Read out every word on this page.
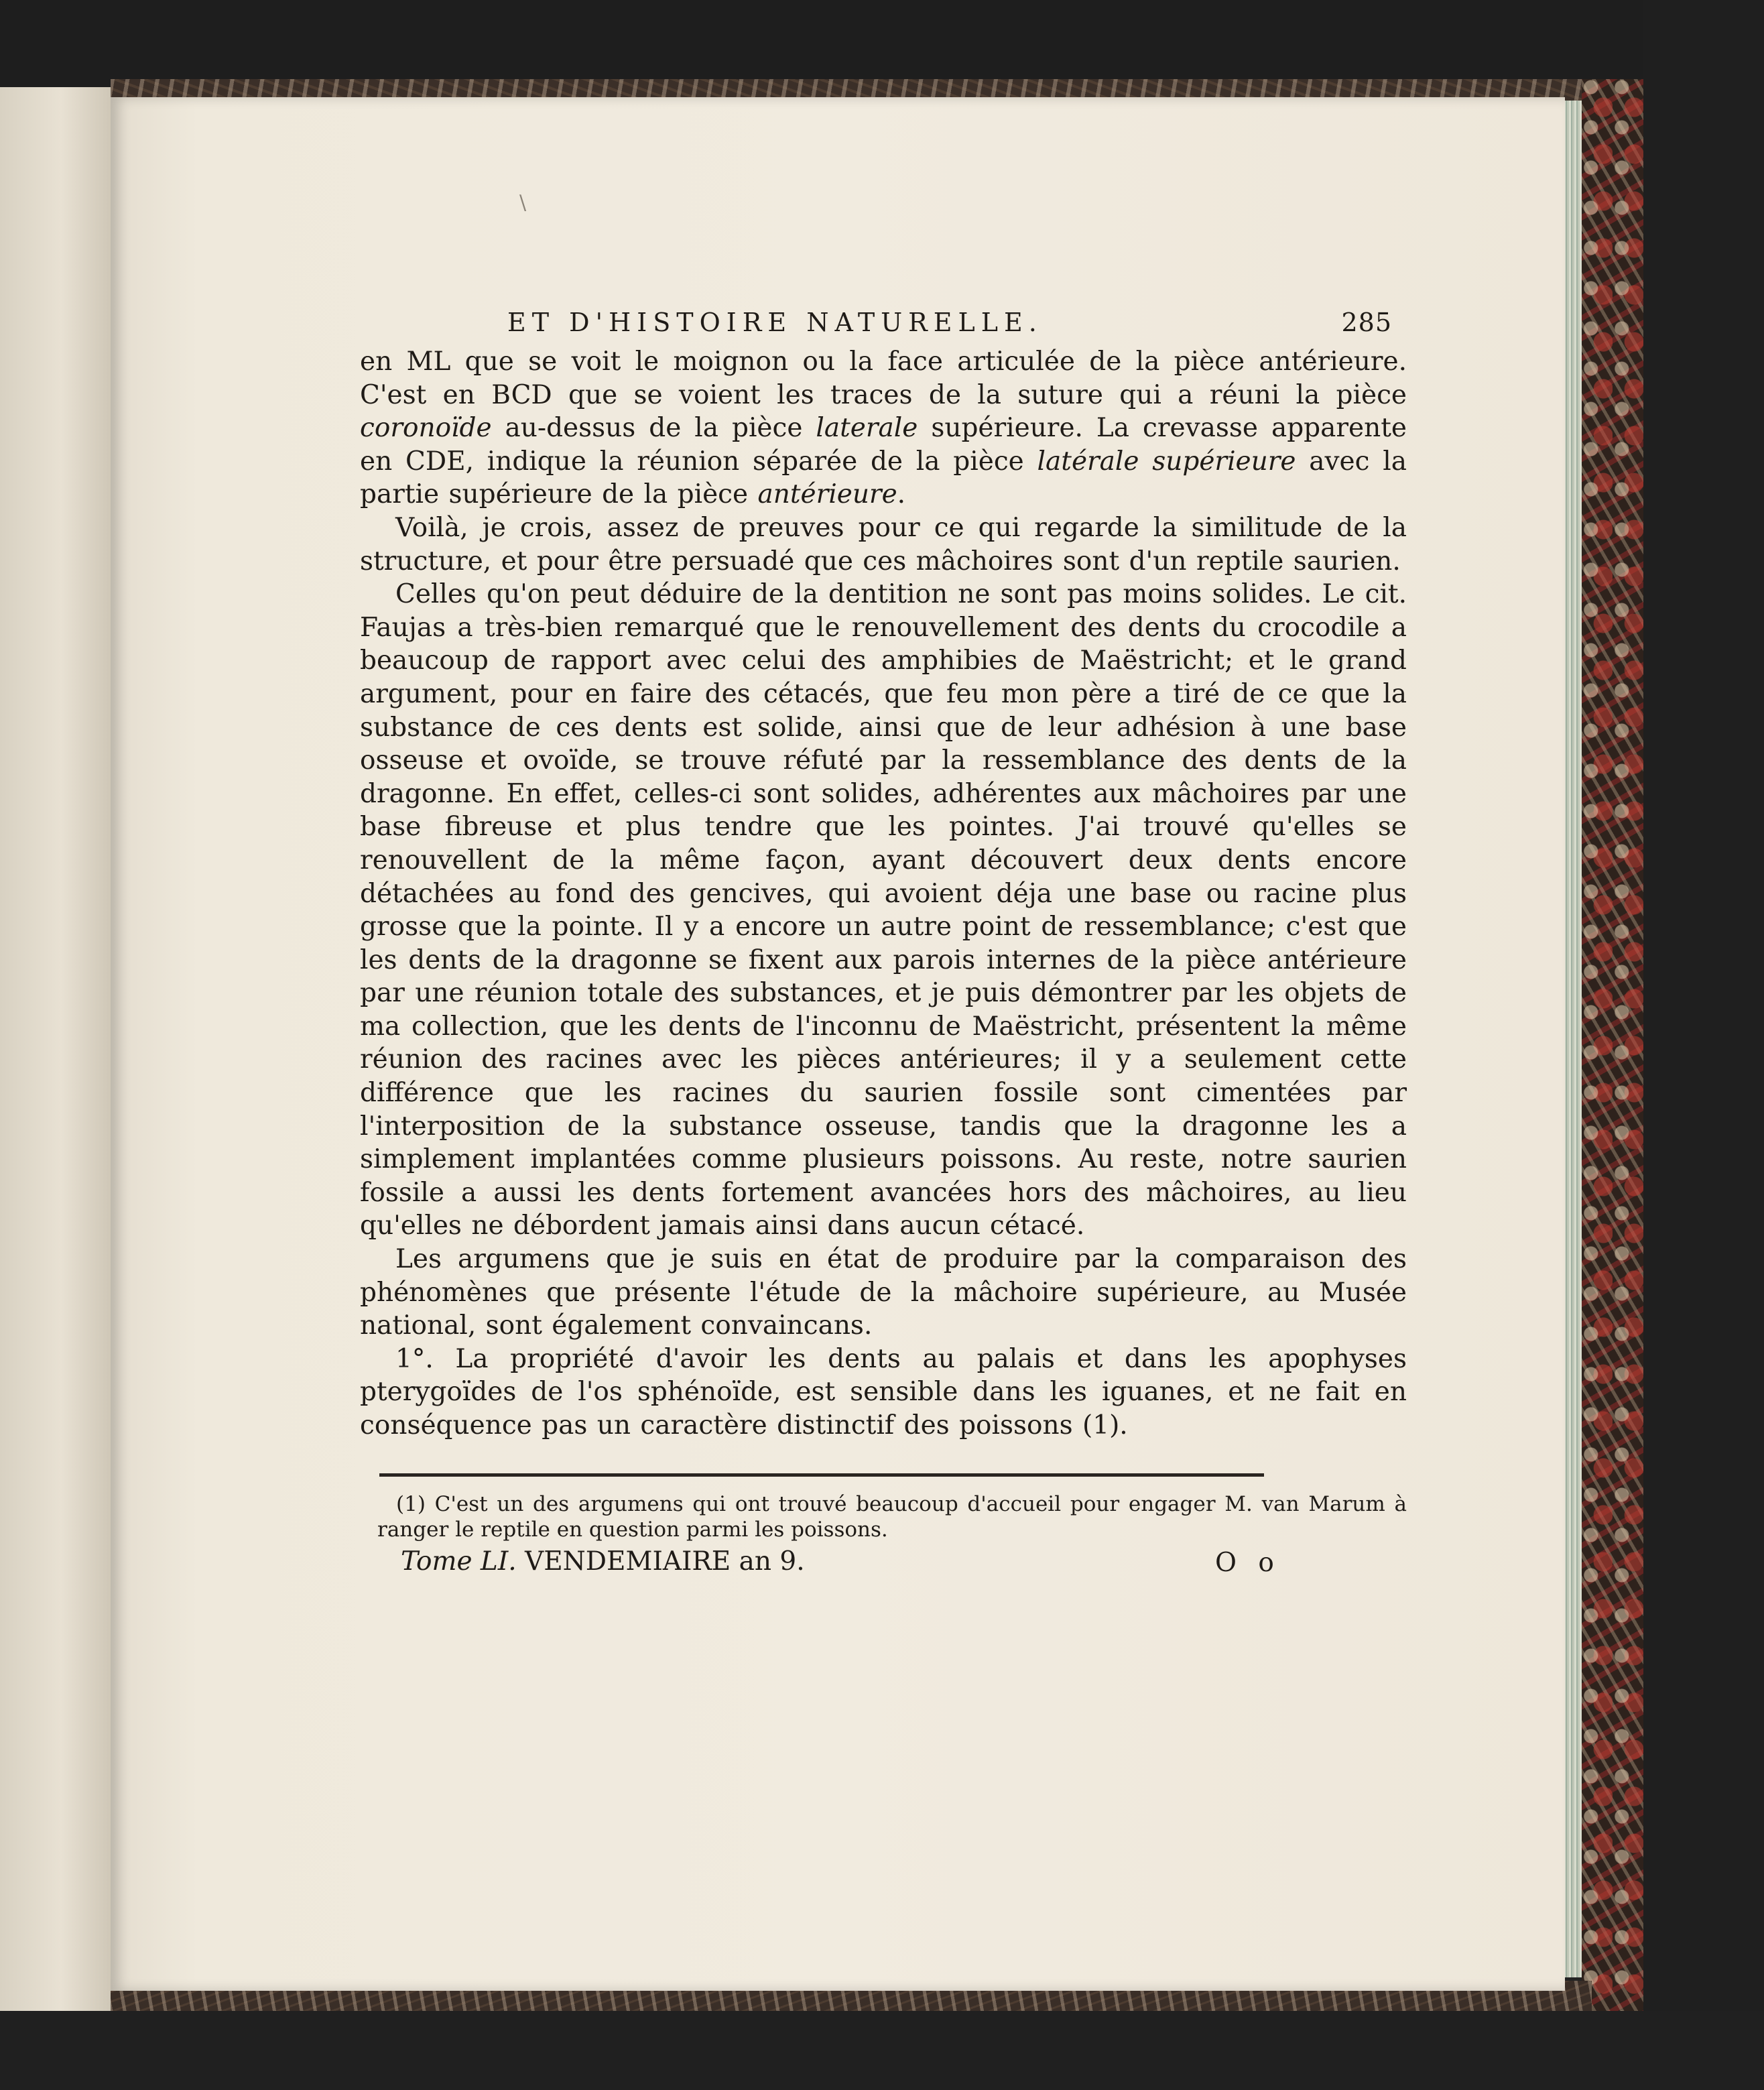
\
ET D'HISTOIRE NATURELLE.	285

en ML que se voit le moignon ou la face articulée de la pièce antérieure. C'est en BCD que se voient les traces de la suture qui a réuni la pièce coronoïde au-dessus de la pièce laterale supérieure. La crevasse apparente en CDE, indique la réunion séparée de la pièce latérale supérieure avec la partie supérieure de la pièce antérieure.

Voilà, je crois, assez de preuves pour ce qui regarde la similitude de la structure, et pour être persuadé que ces mâchoires sont d'un reptile saurien.

Celles qu'on peut déduire de la dentition ne sont pas moins solides. Le cit. Faujas a très-bien remarqué que le renouvellement des dents du crocodile a beaucoup de rapport avec celui des amphibies de Maëstricht; et le grand argument, pour en faire des cétacés, que feu mon père a tiré de ce que la substance de ces dents est solide, ainsi que de leur adhésion à une base osseuse et ovoïde, se trouve réfuté par la ressemblance des dents de la dragonne. En effet, celles-ci sont solides, adhérentes aux mâchoires par une base fibreuse et plus tendre que les pointes. J'ai trouvé qu'elles se renouvellent de la même façon, ayant découvert deux dents encore détachées au fond des gencives, qui avoient déja une base ou racine plus grosse que la pointe. Il y a encore un autre point de ressemblance; c'est que les dents de la dragonne se fixent aux parois internes de la pièce antérieure par une réunion totale des substances, et je puis démontrer par les objets de ma collection, que les dents de l'inconnu de Maëstricht, présentent la même réunion des racines avec les pièces antérieures; il y a seulement cette différence que les racines du saurien fossile sont cimentées par l'interposition de la substance osseuse, tandis que la dragonne les a simplement implantées comme plusieurs poissons. Au reste, notre saurien fossile a aussi les dents fortement avancées hors des mâchoires, au lieu qu'elles ne débordent jamais ainsi dans aucun cétacé.

Les argumens que je suis en état de produire par la comparaison des phénomènes que présente l'étude de la mâchoire supérieure, au Musée national, sont également convaincans.

1°. La propriété d'avoir les dents au palais et dans les apophyses pterygoïdes de l'os sphénoïde, est sensible dans les iguanes, et ne fait en conséquence pas un caractère distinctif des poissons (1).

(1) C'est un des argumens qui ont trouvé beaucoup d'accueil pour engager M. van Marum à ranger le reptile en question parmi les poissons.

Tome LI. VENDEMIAIRE an 9.	O o
